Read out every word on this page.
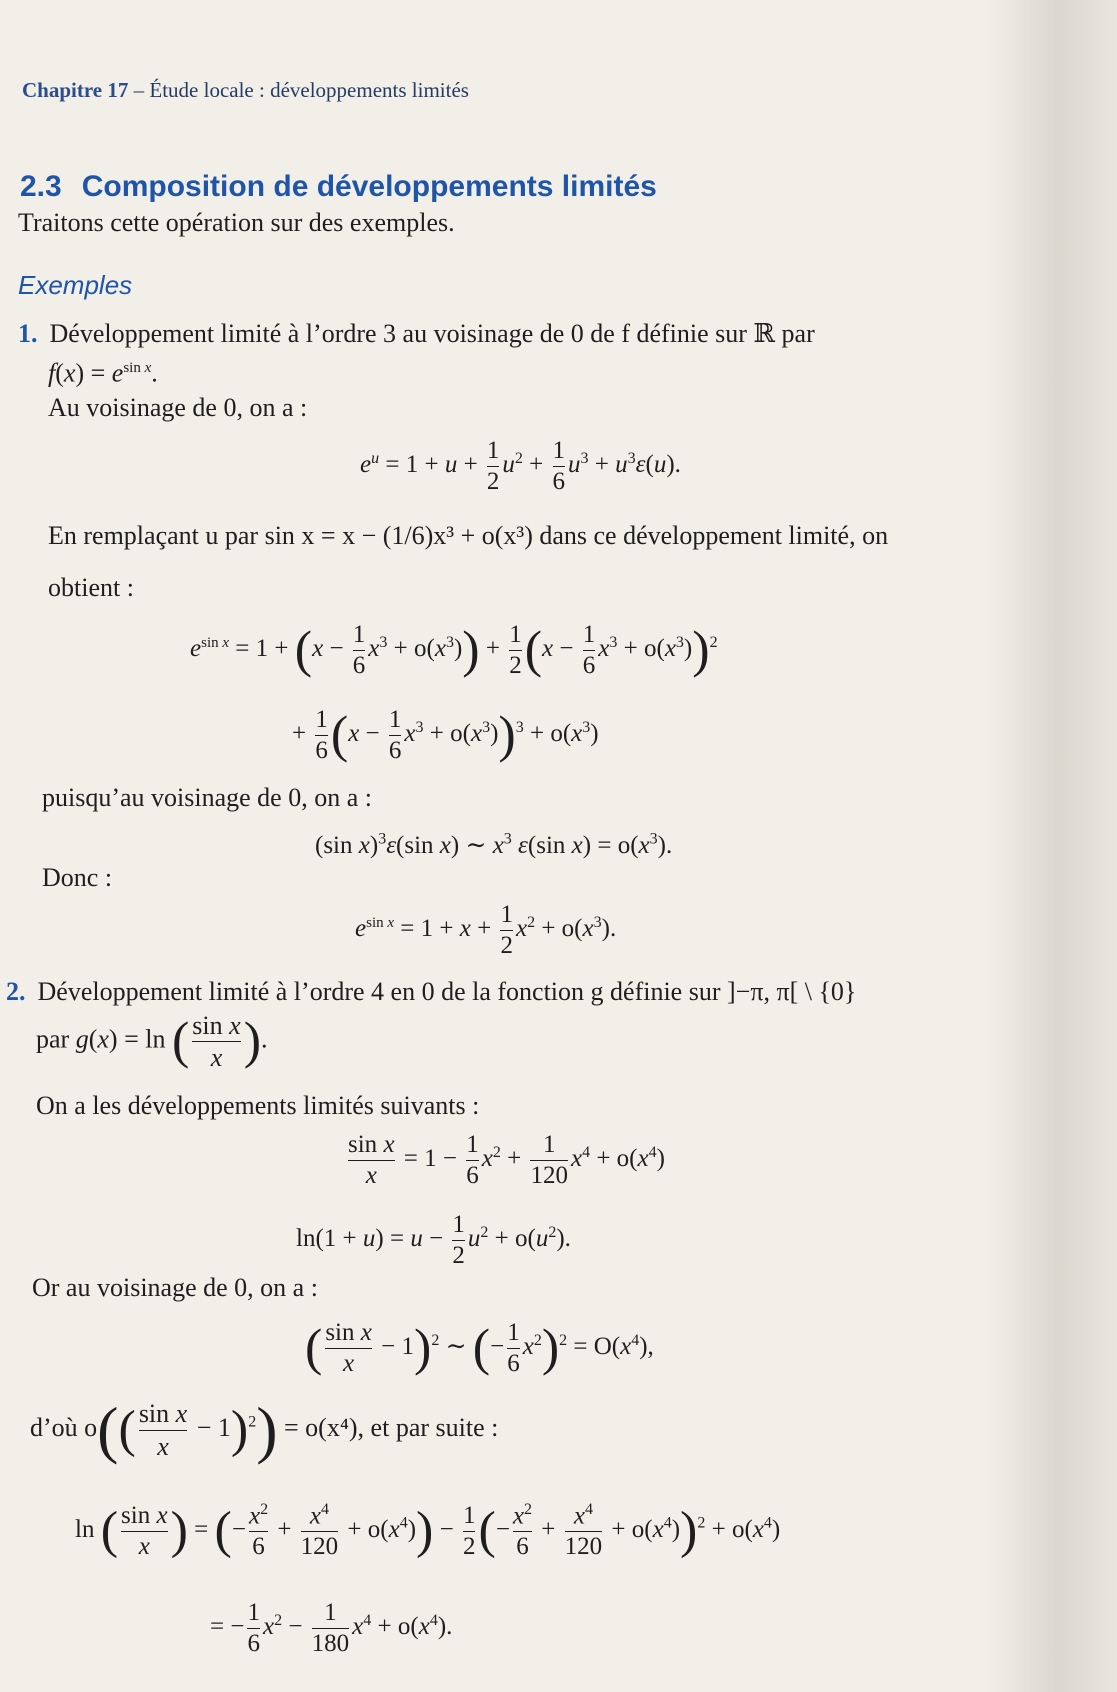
Chapitre 17 – Étude locale : développements limités
2.3 Composition de développements limités
Traitons cette opération sur des exemples.
Exemples
1. Développement limité à l’ordre 3 au voisinage de 0 de f définie sur ℝ par
$f(x) = e^{sin x}$.
Au voisinage de 0, on a :
$e^u = 1 + u + \frac{1}{2} u^2 + \frac{1}{6} u^3 + u^3\varepsilon(u)$.
En remplaçant u par sin x = x − (1/6)x³ + o(x³) dans ce développement limité, on
obtient :
$e^{sin x} = 1 + (x - \frac{1}{6} x^3 + o(x^3)) + \frac{1}{2} (x - \frac{1}{6} x^3 + o(x^3))^2$
+ $\frac{1}{6} (x - \frac{1}{6} x^3 + o(x^3))^3 + o(x^3)$
puisqu’au voisinage de 0, on a :
(sin x)$^3$ε(sin x) ∼ $x^3$ ε(sin $x) = o(x^3)$.
Donc :
$e^{sin x} = 1 + x + \frac{1}{2} x^2 + o(x^3)$.
2. Développement limité à l’ordre 4 en 0 de la fonction g définie sur ]−π, π[ \ {0}
par g(x) = ln ( $\frac{\text{sin x}}{x}$ ).
On a les développements limités suivants :
$\frac{\text{sin x}}{x} = 1 - \frac{1}{6} x^2 + \frac{1}{120} x^4 + o(x^4)$
$\ln(1 + u) = u - \frac{1}{2} u^2 + o(u^2)$.
Or au voisinage de 0, on a :
( $\frac{\text{sin x}}{x} - 1)^2$ ∼ (− $\frac{1}{6} x^2)^2 = O(x^4)$,
d’où $o(( \frac{\text{sin x}}{x} - 1)^2) = o(x^4)$, et par suite :
ln ( $\frac{\text{sin x}}{x}$ ) = (− $\frac{x^2}{6} + \frac{x^4}{120} + o(x^4)) - \frac{1}{2}$ (− $\frac{x^2}{6} + \frac{x^4}{120} + o(x^4))^2 + o(x^4)$
= − $\frac{1}{6} x^2 - \frac{1}{180} x^4 + o(x^4)$.
